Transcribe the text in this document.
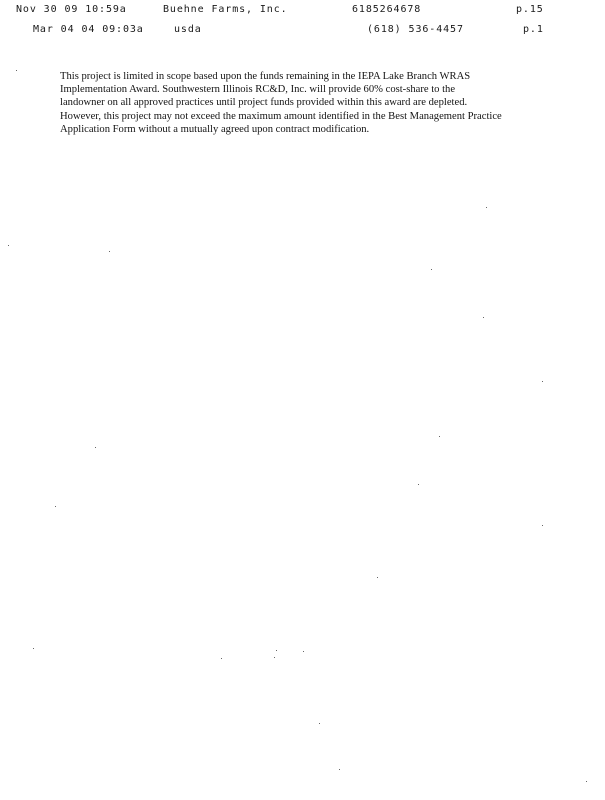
Nov 30 09 10:59a

	Buehne Farms, Inc.

	6185264678

	p.15

Mar 04 04 09:03a

	usda

	(618) 536-4457

	p.1

This project is limited in scope based upon the funds remaining in the IEPA Lake Branch WRAS
Implementation Award. Southwestern Illinois RC&D, Inc. will provide 60% cost-share to the
landowner on all approved practices until project funds provided within this award are depleted.
However, this project may not exceed the maximum amount identified in the Best Management Practice
Application Form without a mutually agreed upon contract modification.
